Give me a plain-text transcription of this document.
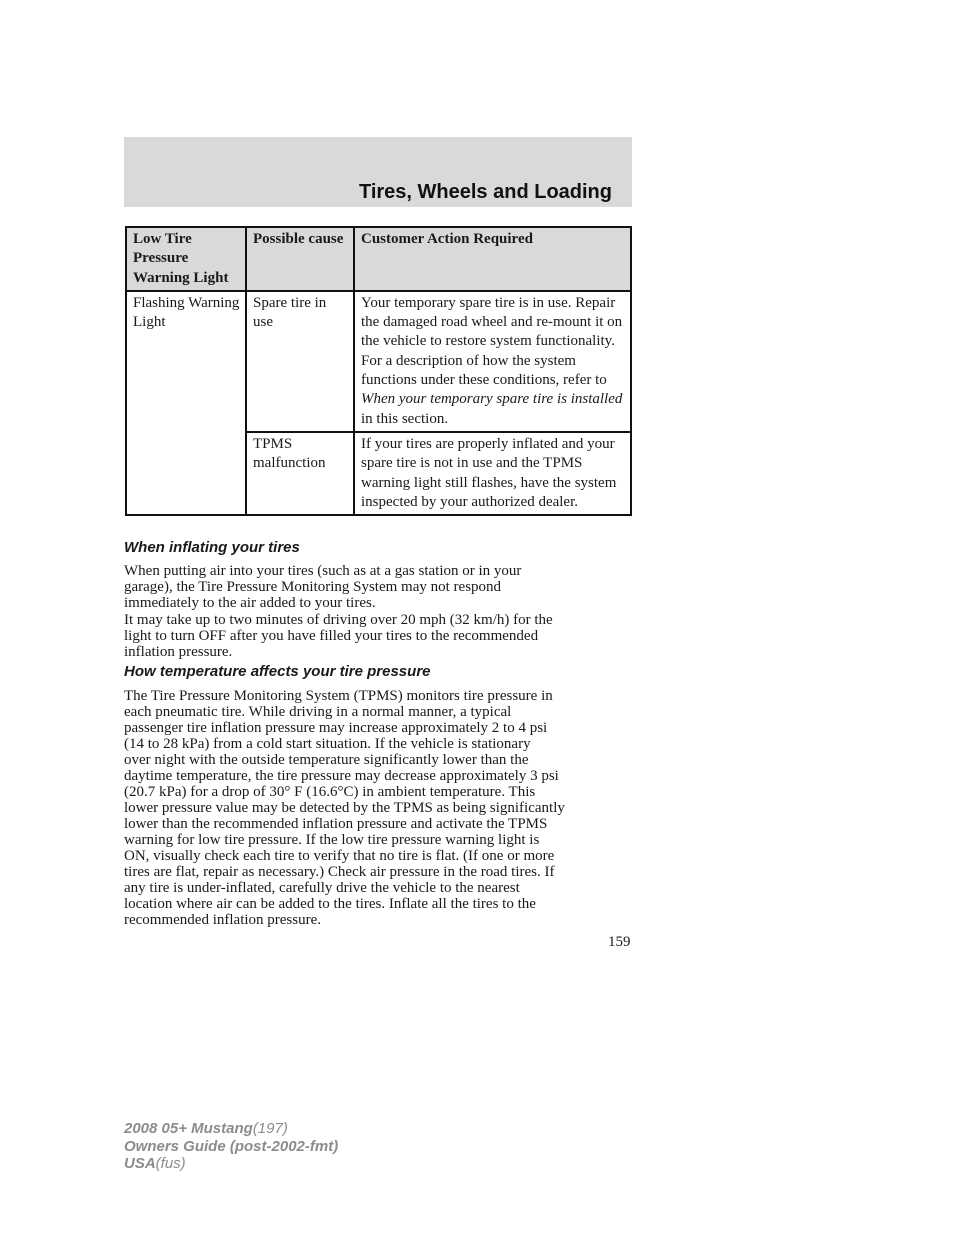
Tires, Wheels and Loading
Low Tire Pressure Warning Light	Possible cause	Customer Action Required
Flashing Warning Light	Spare tire in use	Your temporary spare tire is in use. Repair the damaged road wheel and re-mount it on the vehicle to restore system functionality. For a description of how the system functions under these conditions, refer to When your temporary spare tire is installed in this section.
	TPMS malfunction	If your tires are properly inflated and your spare tire is not in use and the TPMS warning light still flashes, have the system inspected by your authorized dealer.
When inflating your tires
When putting air into your tires (such as at a gas station or in your
garage), the Tire Pressure Monitoring System may not respond
immediately to the air added to your tires.
It may take up to two minutes of driving over 20 mph (32 km/h) for the
light to turn OFF after you have filled your tires to the recommended
inflation pressure.
How temperature affects your tire pressure
The Tire Pressure Monitoring System (TPMS) monitors tire pressure in
each pneumatic tire. While driving in a normal manner, a typical
passenger tire inflation pressure may increase approximately 2 to 4 psi
(14 to 28 kPa) from a cold start situation. If the vehicle is stationary
over night with the outside temperature significantly lower than the
daytime temperature, the tire pressure may decrease approximately 3 psi
(20.7 kPa) for a drop of 30° F (16.6°C) in ambient temperature. This
lower pressure value may be detected by the TPMS as being significantly
lower than the recommended inflation pressure and activate the TPMS
warning for low tire pressure. If the low tire pressure warning light is
ON, visually check each tire to verify that no tire is flat. (If one or more
tires are flat, repair as necessary.) Check air pressure in the road tires. If
any tire is under-inflated, carefully drive the vehicle to the nearest
location where air can be added to the tires. Inflate all the tires to the
recommended inflation pressure.
159
2008 05+ Mustang(197)
Owners Guide (post-2002-fmt)
USA(fus)
